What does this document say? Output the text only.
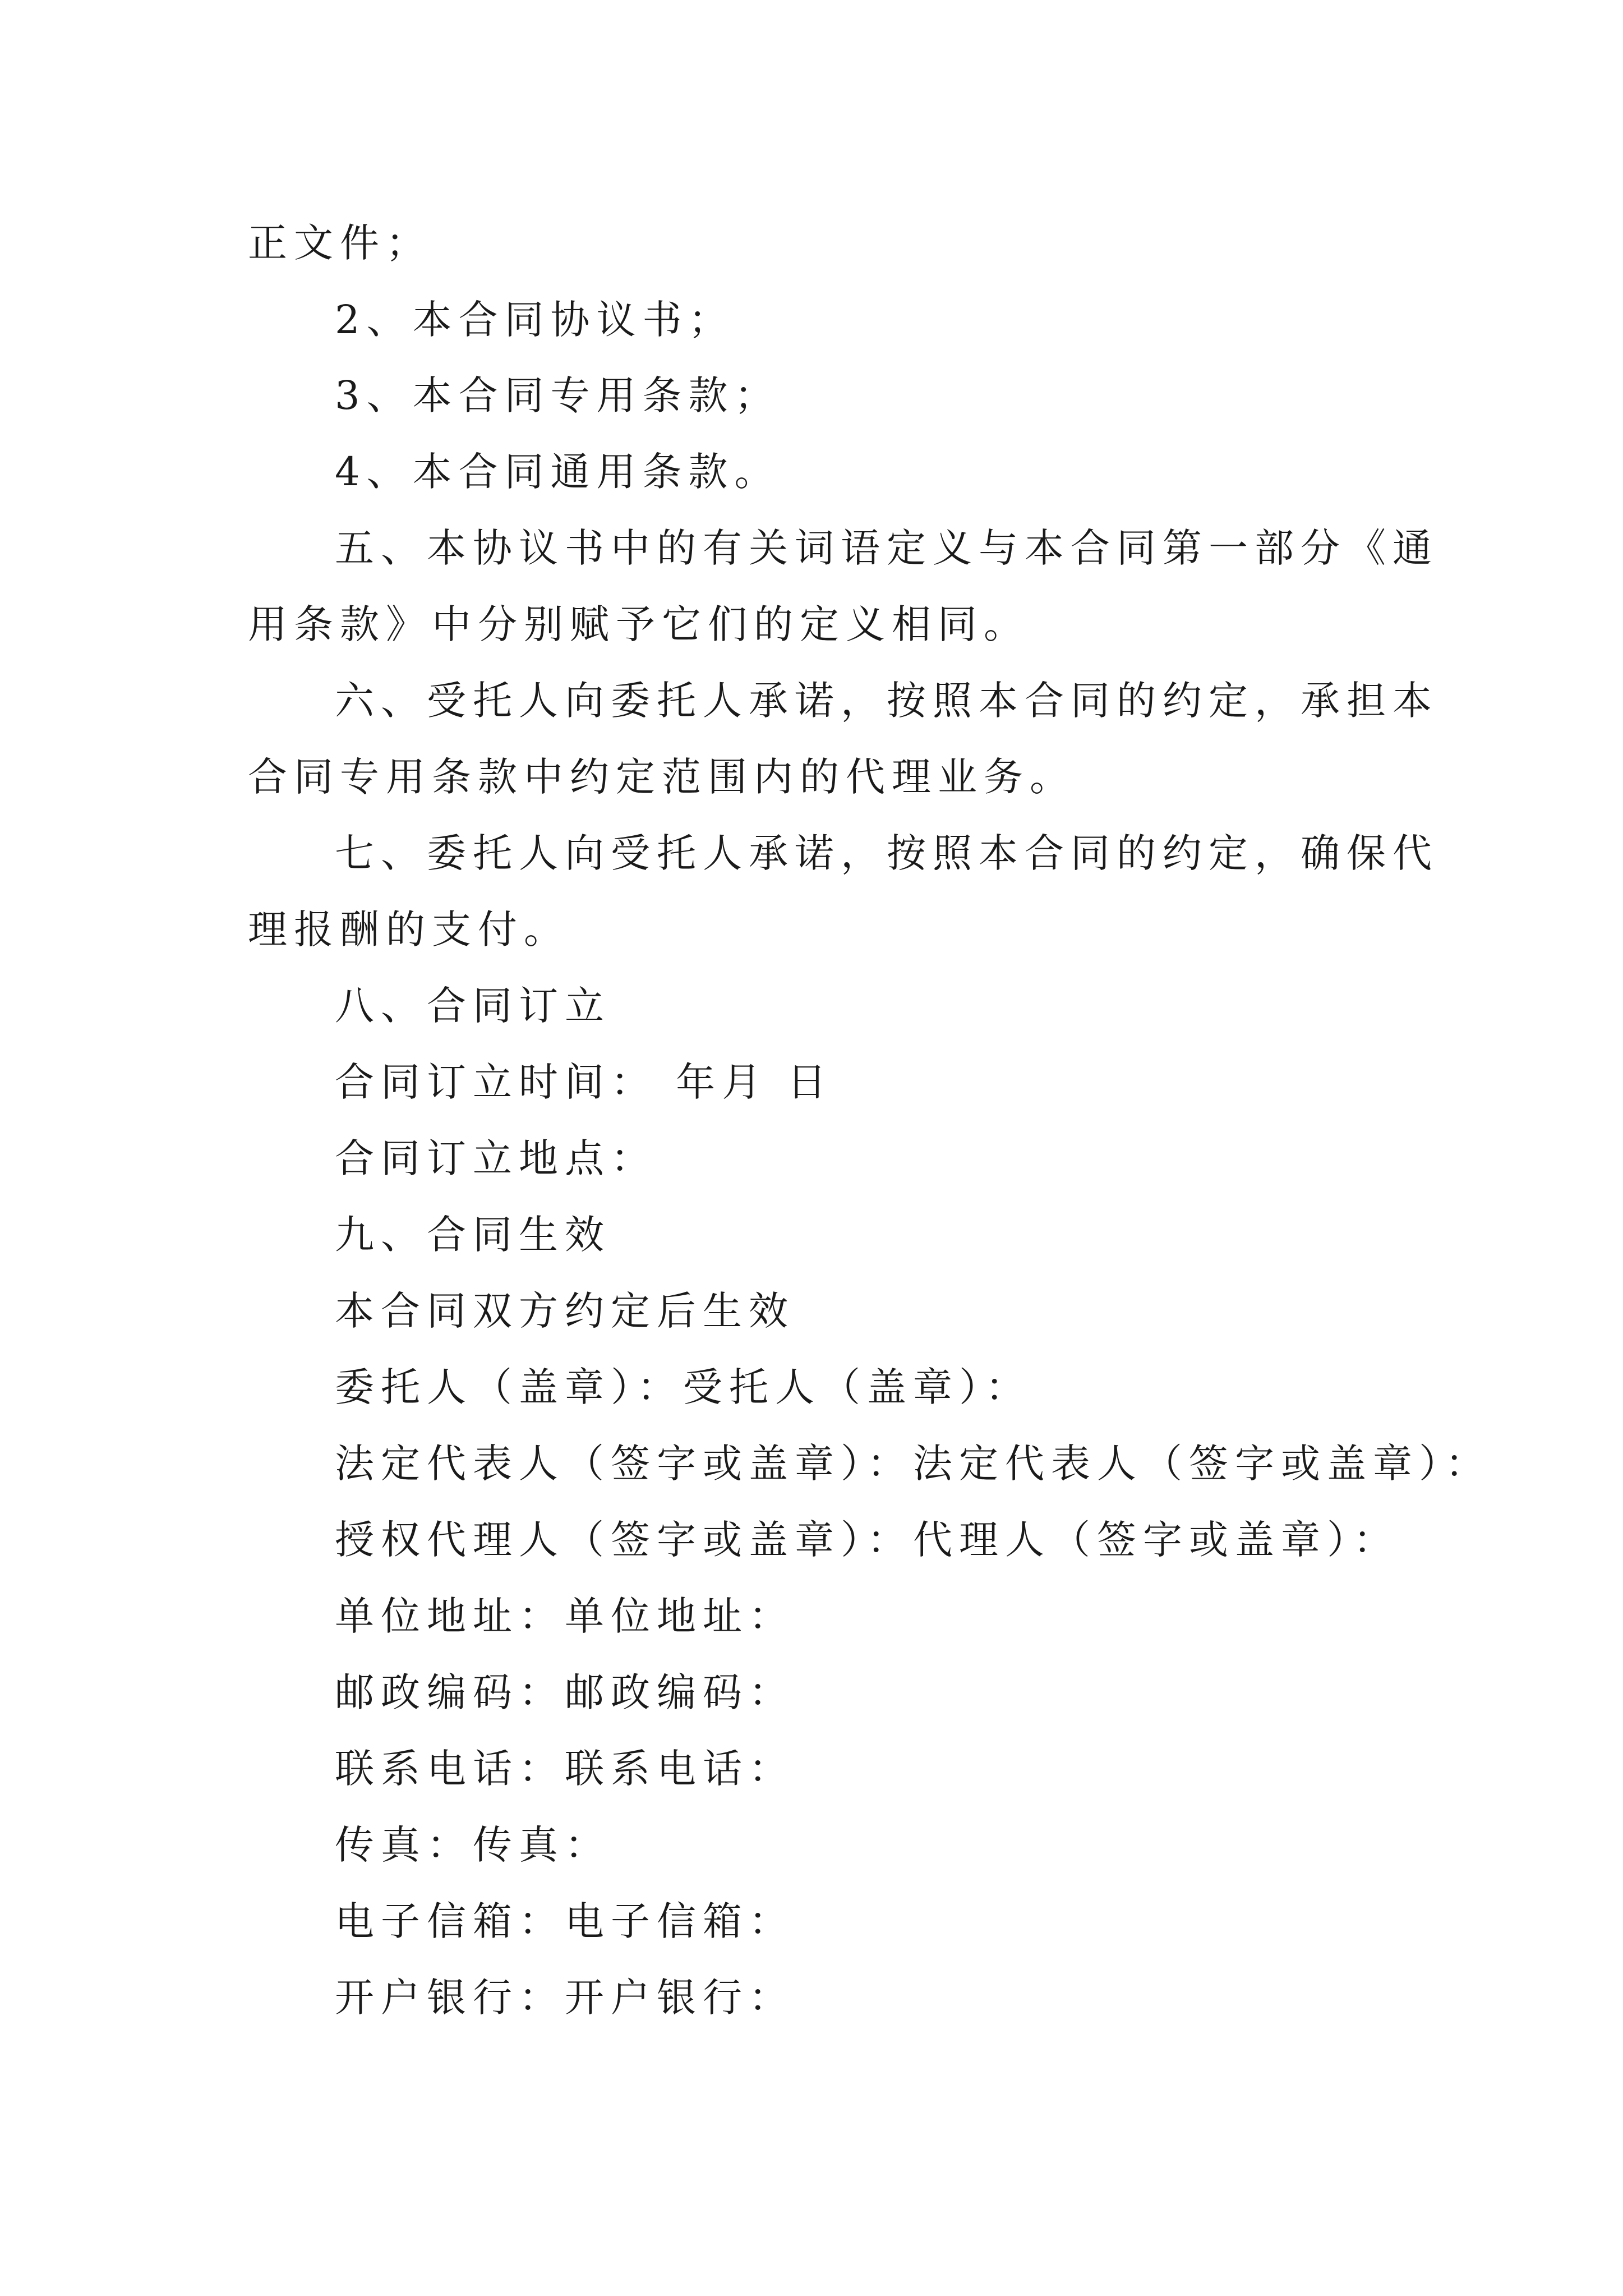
正文件；

2、本合同协议书；

3、本合同专用条款；

4、本合同通用条款。

五、本协议书中的有关词语定义与本合同第一部分《通

用条款》中分别赋予它们的定义相同。

六、受托人向委托人承诺，按照本合同的约定，承担本

合同专用条款中约定范围内的代理业务。

七、委托人向受托人承诺，按照本合同的约定，确保代

理报酬的支付。

八、合同订立

合同订立时间： 年月 日

合同订立地点：

九、合同生效

本合同双方约定后生效

委托人（盖章）：受托人（盖章）：

法定代表人（签字或盖章）：法定代表人（签字或盖章）：

授权代理人（签字或盖章）：代理人（签字或盖章）：

单位地址：单位地址：

邮政编码：邮政编码：

联系电话：联系电话：

传真：传真：

电子信箱：电子信箱：

开户银行：开户银行：
